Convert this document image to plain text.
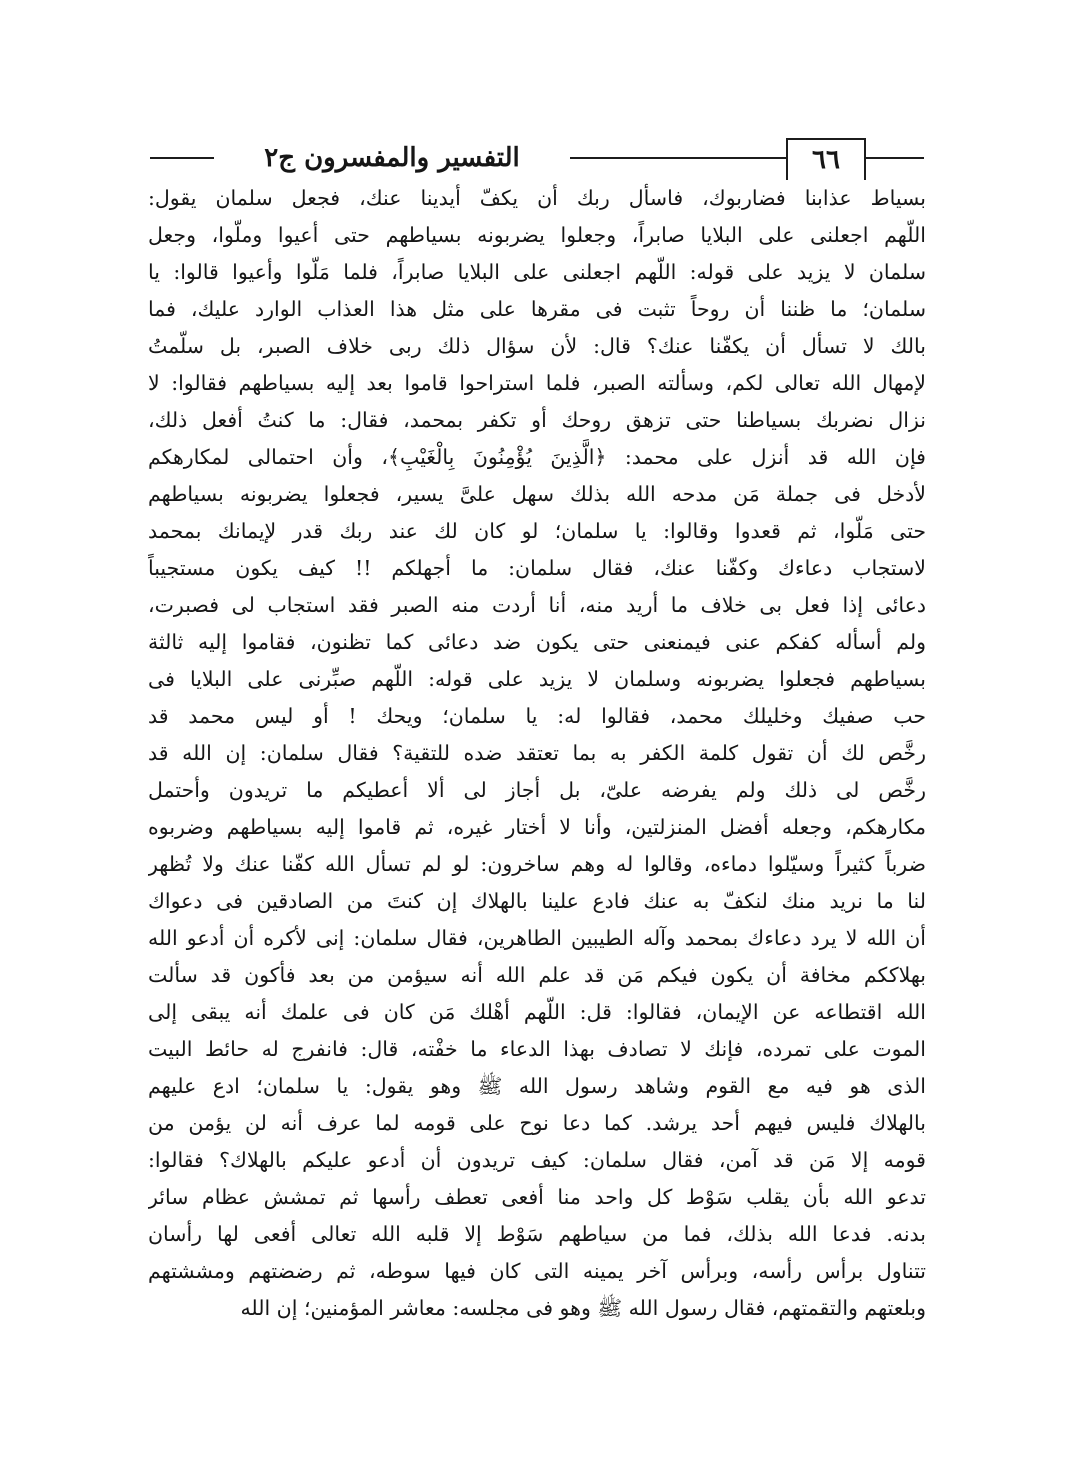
التفسير والمفسرون ج٢	٦٦
بسياط عذابنا فضاربوك، فاسأل ربك أن يكفّ أيدينا عنك، فجعل سلمان يقول:
اللّهم اجعلنى على البلايا صابراً، وجعلوا يضربونه بسياطهم حتى أعيوا وملّوا، وجعل
سلمان لا يزيد على قوله: اللّهم اجعلنى على البلايا صابراً، فلما مَلّوا وأعيوا قالوا: يا
سلمان؛ ما ظننا أن روحاً تثبت فى مقرها على مثل هذا العذاب الوارد عليك، فما
بالك لا تسأل أن يكفّنا عنك؟ قال: لأن سؤال ذلك ربى خلاف الصبر، بل سلّمتُ
لإمهال الله تعالى لكم، وسألته الصبر، فلما استراحوا قاموا بعد إليه بسياطهم فقالوا: لا
نزال نضربك بسياطنا حتى تزهق روحك أو تكفر بمحمد، فقال: ما كنتُ أفعل ذلك،
فإن الله قد أنزل على محمد: ﴿الَّذِينَ يُؤْمِنُونَ بِالْغَيْبِ﴾، وأن احتمالى لمكارهكم
لأدخل فى جملة مَن مدحه الله بذلك سهل علىَّ يسير، فجعلوا يضربونه بسياطهم
حتى مَلّوا، ثم قعدوا وقالوا: يا سلمان؛ لو كان لك عند ربك قدر لإيمانك بمحمد
لاستجاب دعاءك وكفّنا عنك، فقال سلمان: ما أجهلكم !! كيف يكون مستجيباً
دعائى إذا فعل بى خلاف ما أريد منه، أنا أردت منه الصبر فقد استجاب لى فصبرت،
ولم أسأله كفكم عنى فيمنعنى حتى يكون ضد دعائى كما تظنون، فقاموا إليه ثالثة
بسياطهم فجعلوا يضربونه وسلمان لا يزيد على قوله: اللّهم صبِّرنى على البلايا فى
حب صفيك وخليلك محمد، فقالوا له: يا سلمان؛ ويحك ! أو ليس محمد قد
رخَّص لك أن تقول كلمة الكفر به بما تعتقد ضده للتقية؟ فقال سلمان: إن الله قد
رخَّص لى ذلك ولم يفرضه علىّ، بل أجاز لى ألا أعطيكم ما تريدون وأحتمل
مكارهكم، وجعله أفضل المنزلتين، وأنا لا أختار غيره، ثم قاموا إليه بسياطهم وضربوه
ضرباً كثيراً وسيّلوا دماءه، وقالوا له وهم ساخرون: لو لم تسأل الله كفّنا عنك ولا تُظهر
لنا ما نريد منك لنكفّ به عنك فادع علينا بالهلاك إن كنتَ من الصادقين فى دعواك
أن الله لا يرد دعاءك بمحمد وآله الطيبين الطاهرين، فقال سلمان: إنى لأكره أن أدعو الله
بهلاككم مخافة أن يكون فيكم مَن قد علم الله أنه سيؤمن من بعد فأكون قد سألت
الله اقتطاعه عن الإيمان، فقالوا: قل: اللّهم أهْلك مَن كان فى علمك أنه يبقى إلى
الموت على تمرده، فإنك لا تصادف بهذا الدعاء ما خفْته، قال: فانفرج له حائط البيت
الذى هو فيه مع القوم وشاهد رسول الله ﷺ وهو يقول: يا سلمان؛ ادع عليهم
بالهلاك فليس فيهم أحد يرشد. كما دعا نوح على قومه لما عرف أنه لن يؤمن من
قومه إلا مَن قد آمن، فقال سلمان: كيف تريدون أن أدعو عليكم بالهلاك؟ فقالوا:
تدعو الله بأن يقلب سَوْط كل واحد منا أفعى تعطف رأسها ثم تمشش عظام سائر
بدنه. فدعا الله بذلك، فما من سياطهم سَوْط إلا قلبه الله تعالى أفعى لها رأسان
تتناول برأس رأسه، وبرأس آخر يمينه التى كان فيها سوطه، ثم رضضتهم ومششتهم
وبلعتهم والتقمتهم، فقال رسول الله ﷺ وهو فى مجلسه: معاشر المؤمنين؛ إن الله
